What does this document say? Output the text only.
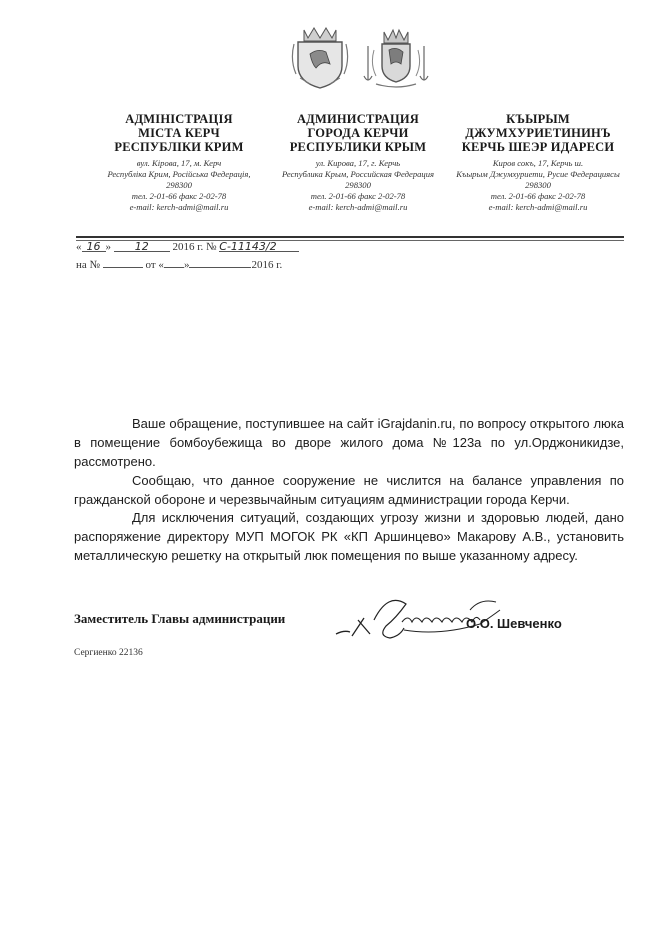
АДМІНІСТРАЦІЯ
МІСТА КЕРЧ
РЕСПУБЛІКИ КРИМ
вул. Кірова, 17, м. Керч
Республіка Крим, Російська Федерація,
298300
тел. 2-01-66 факс 2-02-78
e-mail: kerch-admi@mail.ru
АДМИНИСТРАЦИЯ
ГОРОДА КЕРЧИ
РЕСПУБЛИКИ КРЫМ
ул. Кирова, 17, г. Керчь
Республика Крым, Российская Федерация
298300
тел. 2-01-66 факс 2-02-78
e-mail: kerch-admi@mail.ru
КЪЫРЫМ
ДЖУМХУРИЕТИНИНЪ
КЕРЧЬ ШЕЭР ИДАРЕСИ
Киров сокъ, 17, Керчь ш.
Къырым Джумхуриети, Русие Федерациясы
298300
тел. 2-01-66 факс 2-02-78
e-mail: kerch-admi@mail.ru
« 16 » 12 2016 г. № С-11143/2
на №	от « »	2016 г.

Ваше обращение, поступившее на сайт iGrajdanin.ru, по вопросу открытого люка в помещение бомбоубежища во дворе жилого дома №123а по ул.Орджоникидзе, рассмотрено.

Сообщаю, что данное сооружение не числится на балансе управления по гражданской обороне и черезвычайным ситуациям администрации города Керчи.

Для исключения ситуаций, создающих угрозу жизни и здоровью людей, дано распоряжение директору МУП МОГОК РК «КП Аршинцево» Макарову А.В., установить металлическую решетку на открытый люк помещения по выше указанному адресу.

Заместитель Главы администрации	О.О. Шевченко
Сергиенко 22136
